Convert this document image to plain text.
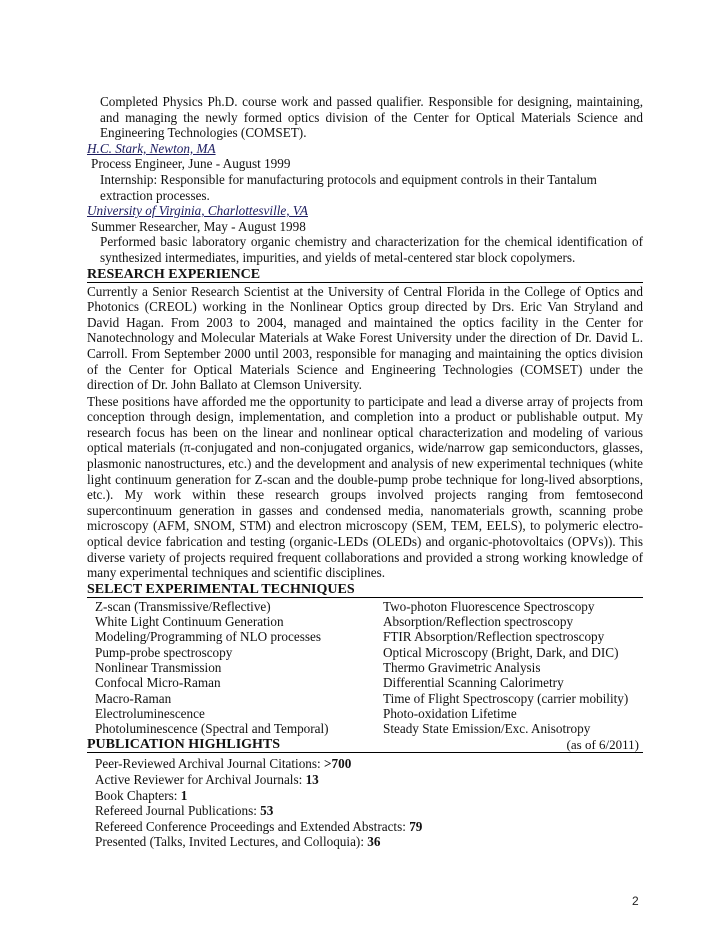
Completed Physics Ph.D. course work and passed qualifier. Responsible for designing, maintaining, and managing the newly formed optics division of the Center for Optical Materials Science and Engineering Technologies (COMSET).
H.C. Stark, Newton, MA
Process Engineer, June - August 1999
Internship: Responsible for manufacturing protocols and equipment controls in their Tantalum extraction processes.
University of Virginia, Charlottesville, VA
Summer Researcher, May - August 1998
Performed basic laboratory organic chemistry and characterization for the chemical identification of synthesized intermediates, impurities, and yields of metal-centered star block copolymers.
RESEARCH EXPERIENCE
Currently a Senior Research Scientist at the University of Central Florida in the College of Optics and Photonics (CREOL) working in the Nonlinear Optics group directed by Drs. Eric Van Stryland and David Hagan. From 2003 to 2004, managed and maintained the optics facility in the Center for Nanotechnology and Molecular Materials at Wake Forest University under the direction of Dr. David L. Carroll. From September 2000 until 2003, responsible for managing and maintaining the optics division of the Center for Optical Materials Science and Engineering Technologies (COMSET) under the direction of Dr. John Ballato at Clemson University.
These positions have afforded me the opportunity to participate and lead a diverse array of projects from conception through design, implementation, and completion into a product or publishable output. My research focus has been on the linear and nonlinear optical characterization and modeling of various optical materials (π-conjugated and non-conjugated organics, wide/narrow gap semiconductors, glasses, plasmonic nanostructures, etc.) and the development and analysis of new experimental techniques (white light continuum generation for Z-scan and the double-pump probe technique for long-lived absorptions, etc.). My work within these research groups involved projects ranging from femtosecond supercontinuum generation in gasses and condensed media, nanomaterials growth, scanning probe microscopy (AFM, SNOM, STM) and electron microscopy (SEM, TEM, EELS), to polymeric electro-optical device fabrication and testing (organic-LEDs (OLEDs) and organic-photovoltaics (OPVs)). This diverse variety of projects required frequent collaborations and provided a strong working knowledge of many experimental techniques and scientific disciplines.
SELECT EXPERIMENTAL TECHNIQUES
Z-scan (Transmissive/Reflective)	Two-photon Fluorescence Spectroscopy
White Light Continuum Generation	Absorption/Reflection spectroscopy
Modeling/Programming of NLO processes	FTIR Absorption/Reflection spectroscopy
Pump-probe spectroscopy	Optical Microscopy (Bright, Dark, and DIC)
Nonlinear Transmission	Thermo Gravimetric Analysis
Confocal Micro-Raman	Differential Scanning Calorimetry
Macro-Raman	Time of Flight Spectroscopy (carrier mobility)
Electroluminescence	Photo-oxidation Lifetime
Photoluminescence (Spectral and Temporal)	Steady State Emission/Exc. Anisotropy
PUBLICATION HIGHLIGHTS	(as of 6/2011)
Peer-Reviewed Archival Journal Citations: >700
Active Reviewer for Archival Journals: 13
Book Chapters: 1
Refereed Journal Publications: 53
Refereed Conference Proceedings and Extended Abstracts: 79
Presented (Talks, Invited Lectures, and Colloquia): 36
2
